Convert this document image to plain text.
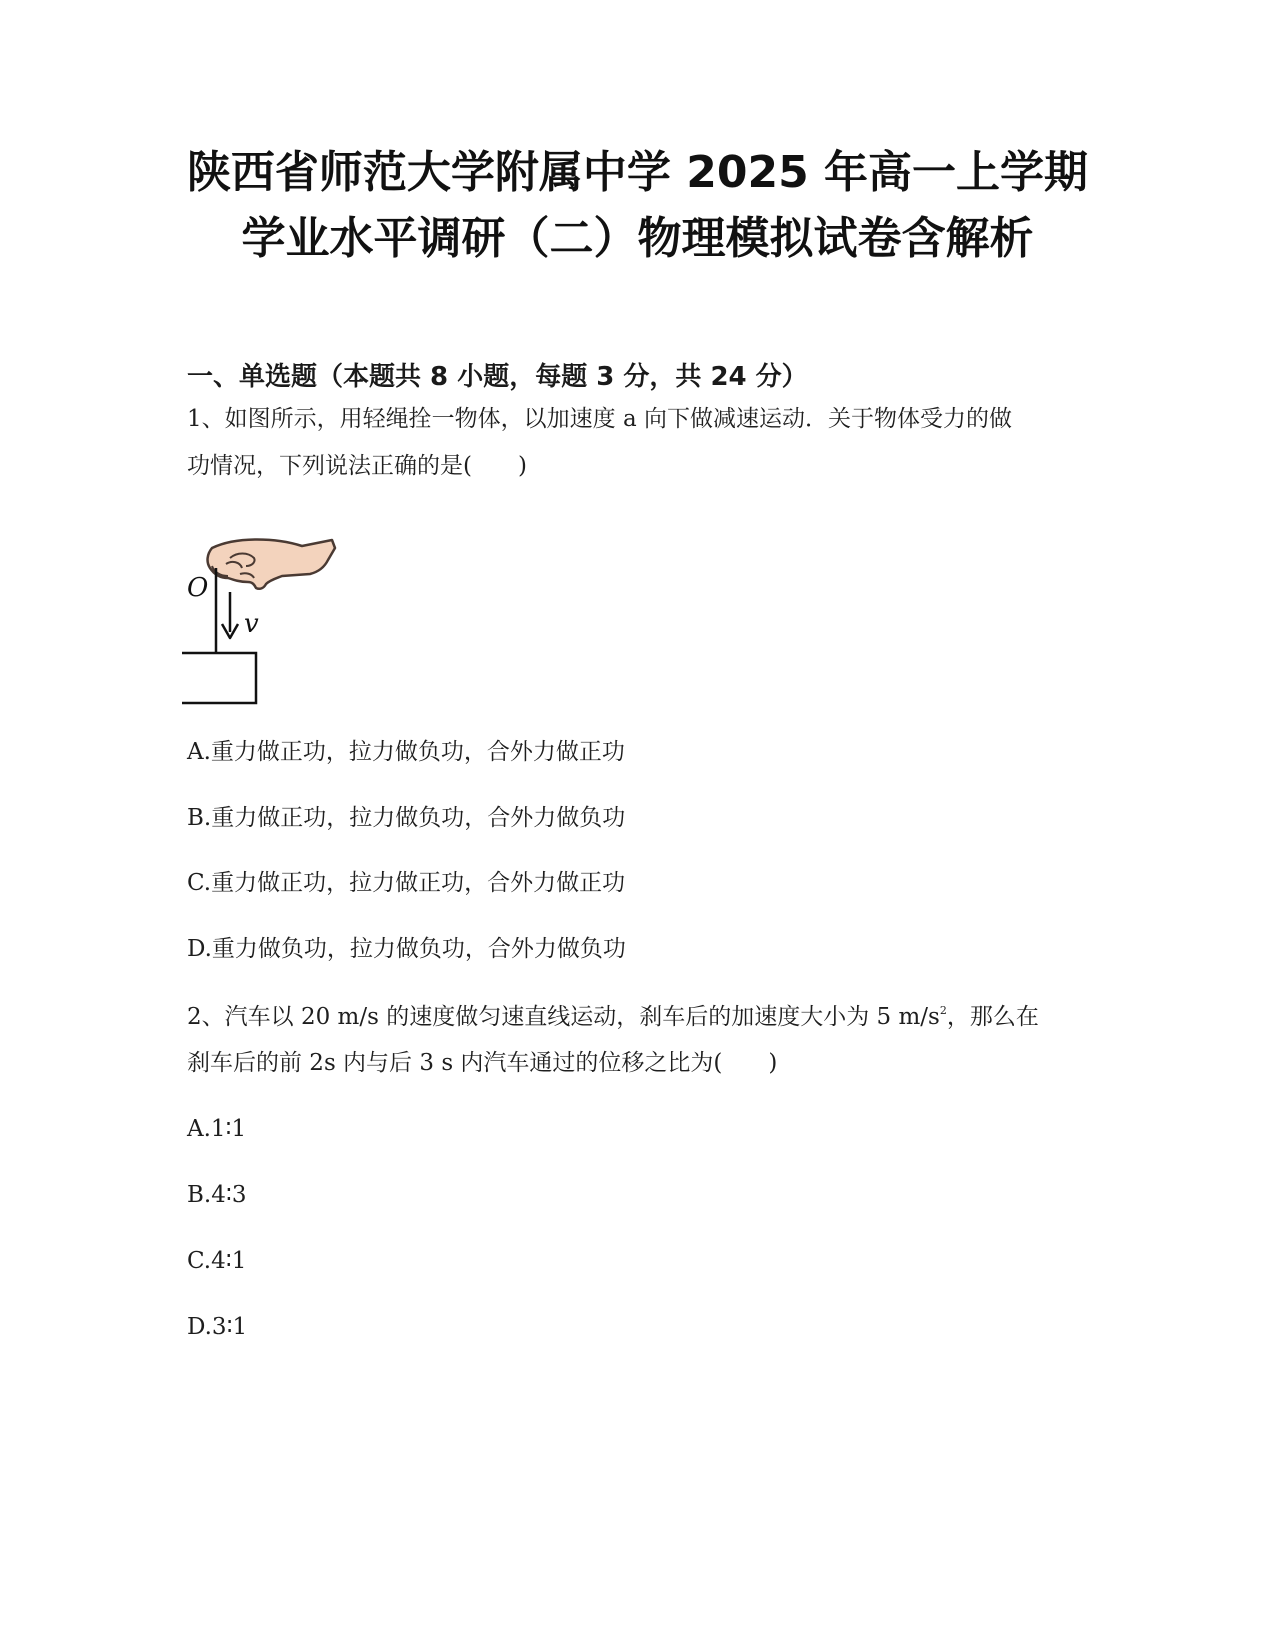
陕西省师范大学附属中学 2025 年高一上学期
学业水平调研（二）物理模拟试卷含解析
一、单选题（本题共 8 小题，每题 3 分，共 24 分）
1、如图所示，用轻绳拴一物体，以加速度 a 向下做减速运动．关于物体受力的做
功情况，下列说法正确的是(　　)
O
v
A.重力做正功，拉力做负功，合外力做正功
B.重力做正功，拉力做负功，合外力做负功
C.重力做正功，拉力做正功，合外力做正功
D.重力做负功，拉力做负功，合外力做负功
2、汽车以 20 m/s 的速度做匀速直线运动，刹车后的加速度大小为 5 $m/s^2$，那么在
刹车后的前 2s 内与后 3 s 内汽车通过的位移之比为(　　)
A.1∶1
B.4∶3
C.4∶1
D.3∶1
